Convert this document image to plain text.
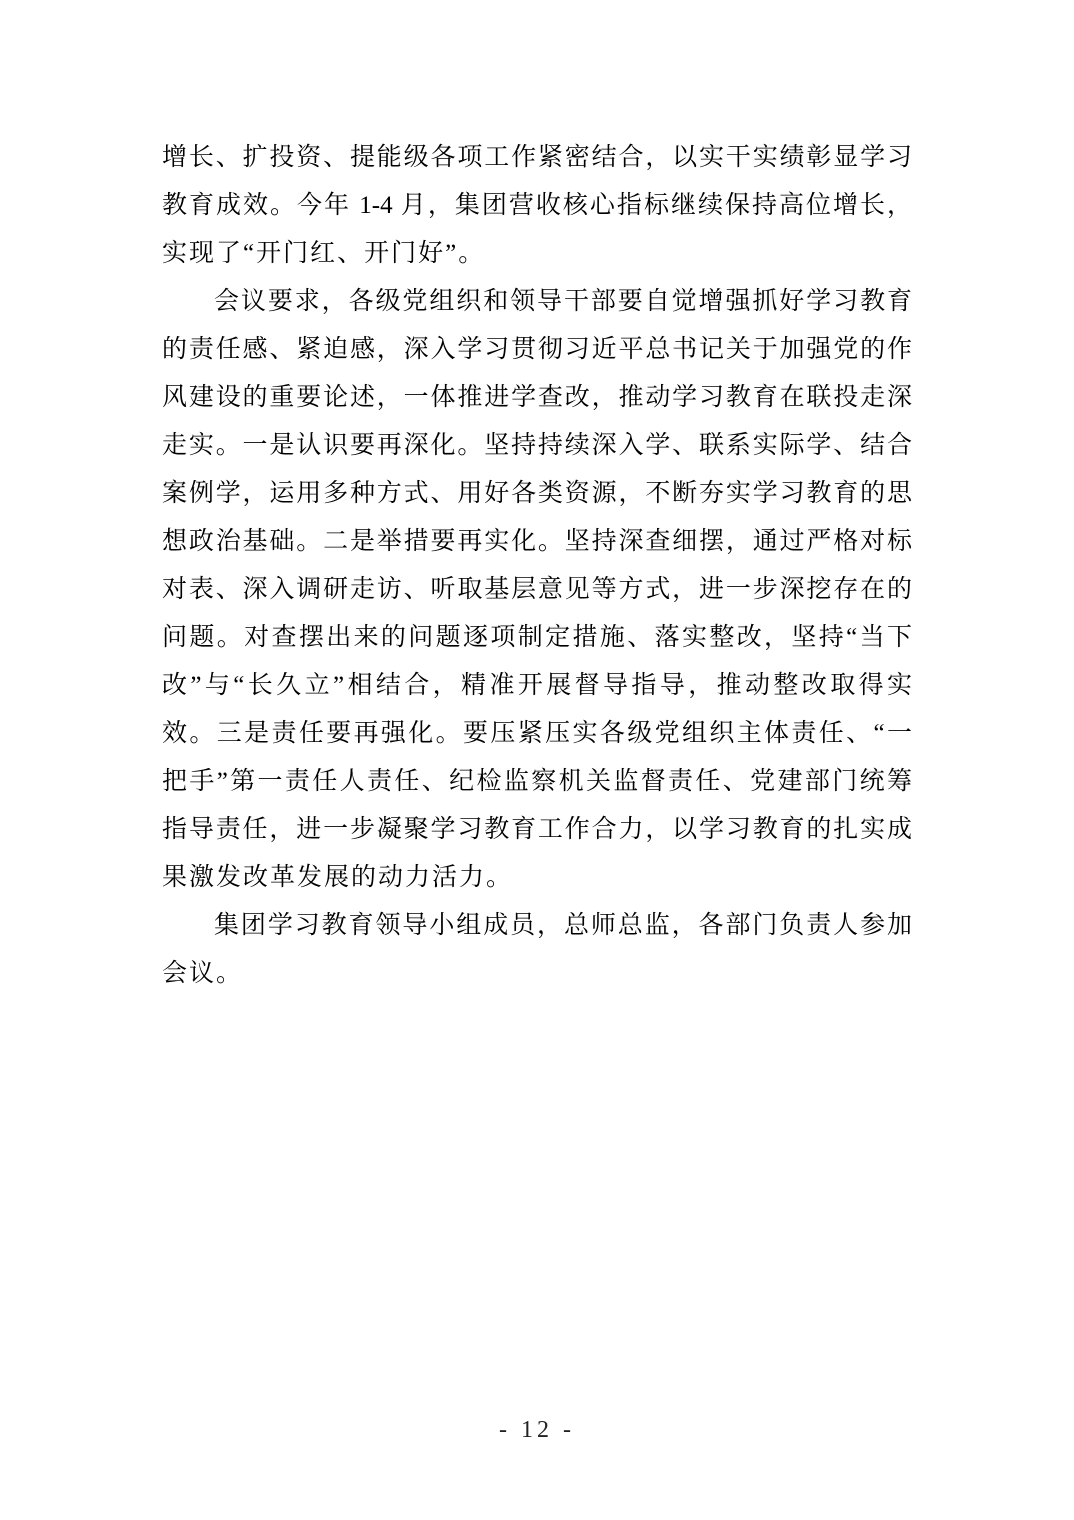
增长、扩投资、提能级各项工作紧密结合，以实干实绩彰显学习
教育成效。今年 1-4 月，集团营收核心指标继续保持高位增长，
实现了“开门红、开门好”。
会议要求，各级党组织和领导干部要自觉增强抓好学习教育
的责任感、紧迫感，深入学习贯彻习近平总书记关于加强党的作
风建设的重要论述，一体推进学查改，推动学习教育在联投走深
走实。一是认识要再深化。坚持持续深入学、联系实际学、结合
案例学，运用多种方式、用好各类资源，不断夯实学习教育的思
想政治基础。二是举措要再实化。坚持深查细摆，通过严格对标
对表、深入调研走访、听取基层意见等方式，进一步深挖存在的
问题。对查摆出来的问题逐项制定措施、落实整改，坚持“当下
改”与“长久立”相结合，精准开展督导指导，推动整改取得实
效。三是责任要再强化。要压紧压实各级党组织主体责任、“一
把手”第一责任人责任、纪检监察机关监督责任、党建部门统筹
指导责任，进一步凝聚学习教育工作合力，以学习教育的扎实成
果激发改革发展的动力活力。
集团学习教育领导小组成员，总师总监，各部门负责人参加
会议。
- 12 -
